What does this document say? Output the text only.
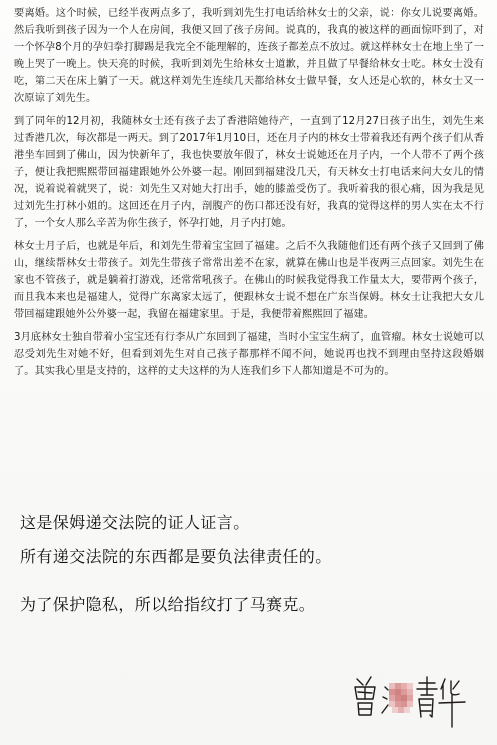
要离婚。这个时候，已经半夜两点多了，我听到刘先生打电话给林女士的父亲，说：你女儿说要离婚。然后我听到孩子因为一个人在房间，我便又回了孩子房间。说真的，我真的被这样的画面惊吓到了，对一个怀孕8个月的孕妇拳打脚踢是我完全不能理解的，连孩子都差点不放过。就这样林女士在地上坐了一晚上哭了一晚上。快天亮的时候，我听到刘先生给林女士道歉，并且做了早餐给林女士吃。林女士没有吃，第二天在床上躺了一天。就这样刘先生连续几天都给林女士做早餐，女人还是心软的，林女士又一次原谅了刘先生。

到了同年的12月初，我随林女士还有孩子去了香港陪她待产，一直到了12月27日孩子出生，刘先生来过香港几次，每次都是一两天。到了2017年1月10日，还在月子内的林女士带着我还有两个孩子们从香港坐车回到了佛山，因为快新年了，我也快要放年假了，林女士说她还在月子内，一个人带不了两个孩子，便让我把熙熙带回福建跟她外公外婆一起。刚回到福建没几天，有天林女士打电话来问大女儿的情况，说着说着就哭了，说：刘先生又对她大打出手，她的膝盖受伤了。我听着我的很心痛，因为我是见过刘先生打林小姐的。这回还在月子内，剖腹产的伤口都还没有好，我真的觉得这样的男人实在太不行了，一个女人那么辛苦为你生孩子，怀孕打她，月子内打她。

林女士月子后，也就是年后，和刘先生带着宝宝回了福建。之后不久我随他们还有两个孩子又回到了佛山，继续帮林女士带孩子。刘先生带孩子常常出差不在家，就算在佛山也是半夜两三点回家。刘先生在家也不管孩子，就是躺着打游戏，还常常吼孩子。在佛山的时候我觉得我工作量太大，要带两个孩子，而且我本来也是福建人，觉得广东离家太远了，便跟林女士说不想在广东当保姆。林女士让我把大女儿带回福建跟她外公外婆一起，我留在福建家里。于是，我便带着熙熙回了福建。

3月底林女士独自带着小宝宝还有行李从广东回到了福建，当时小宝宝生病了，血管瘤。林女士说她可以忍受刘先生对她不好，但看到刘先生对自己孩子都那样不闻不问，她说再也找不到理由坚持这段婚姻了。其实我心里是支持的，这样的丈夫这样的为人连我们乡下人都知道是不可为的。

这是保姆递交法院的证人证言。

所有递交法院的东西都是要负法律责任的。

为了保护隐私，所以给指纹打了马赛克。
